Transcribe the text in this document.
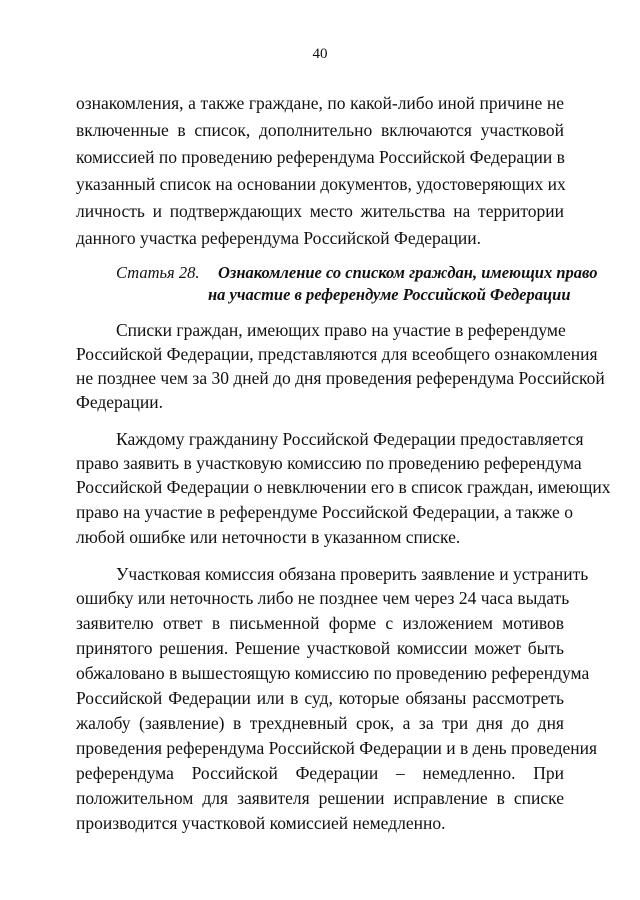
40
ознакомления, а также граждане, по какой-либо иной причине не
включенные в список, дополнительно включаются участковой
комиссией по проведению референдума Российской Федерации в
указанный список на основании документов, удостоверяющих их
личность и подтверждающих место жительства на территории
данного участка референдума Российской Федерации.
Статья 28. Ознакомление со списком граждан, имеющих право
на участие в референдуме Российской Федерации
Списки граждан, имеющих право на участие в референдуме
Российской Федерации, представляются для всеобщего ознакомления
не позднее чем за 30 дней до дня проведения референдума Российской
Федерации.
Каждому гражданину Российской Федерации предоставляется
право заявить в участковую комиссию по проведению референдума
Российской Федерации о невключении его в список граждан, имеющих
право на участие в референдуме Российской Федерации, а также о
любой ошибке или неточности в указанном списке.
Участковая комиссия обязана проверить заявление и устранить
ошибку или неточность либо не позднее чем через 24 часа выдать
заявителю ответ в письменной форме с изложением мотивов
принятого решения. Решение участковой комиссии может быть
обжаловано в вышестоящую комиссию по проведению референдума
Российской Федерации или в суд, которые обязаны рассмотреть
жалобу (заявление) в трехдневный срок, а за три дня до дня
проведения референдума Российской Федерации и в день проведения
референдума Российской Федерации – немедленно. При
положительном для заявителя решении исправление в списке
производится участковой комиссией немедленно.
